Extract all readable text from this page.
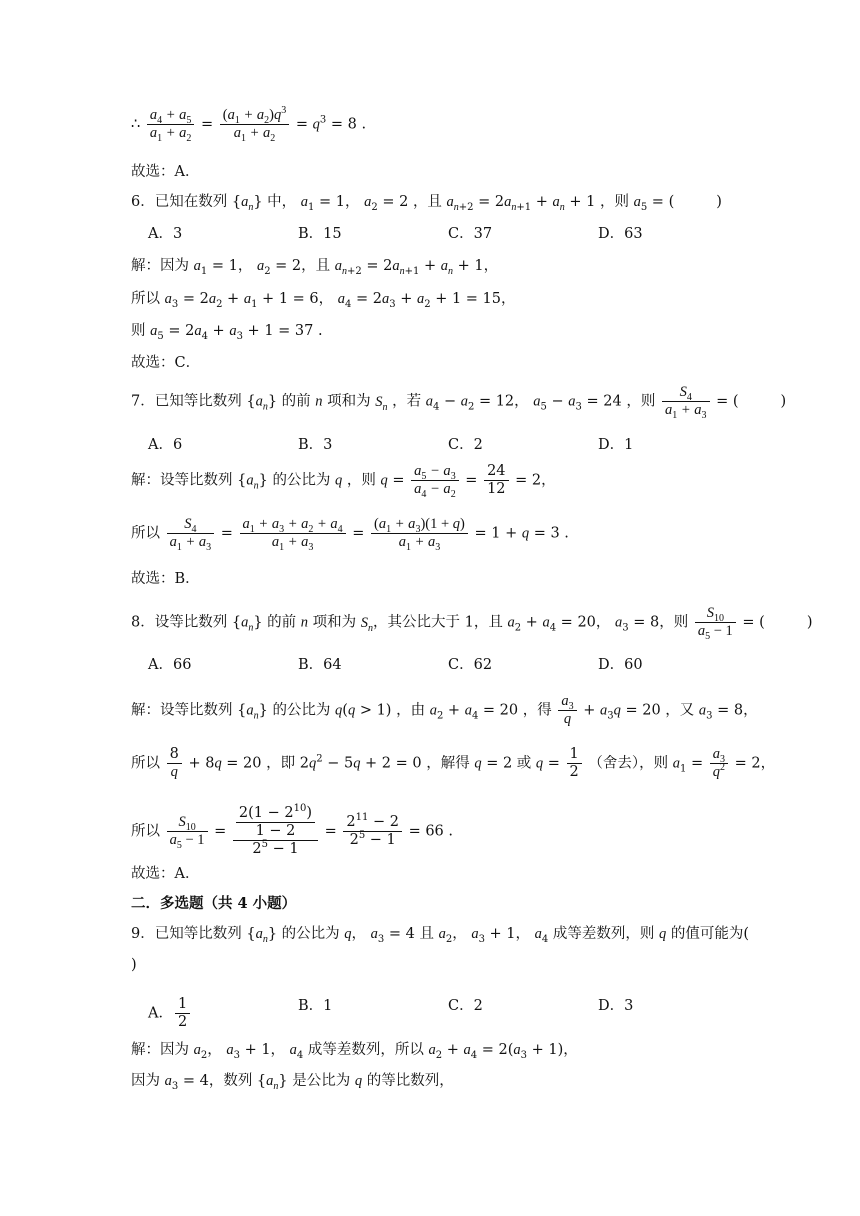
∴ $\frac{a_4 + a_5}{a_1 + a_2} = \frac{(a_1 + a_2)q^3}{a_1 + a_2} = q^3 = 8$ .
故选：A．
6．已知在数列 $\{a_n\}$ 中， $a_1 = 1$， $a_2 = 2$ ，且 $a_{n+2} = 2a_{n+1} + a_n + 1$ ，则 $a_5$ = (	)
A．3	B．15	C．37	D．63
解：因为 $a_1 = 1$， $a_2 = 2$，且 $a_{n+2} = 2a_{n+1} + a_n + 1$，
所以 $a_3 = 2a_2 + a_1 + 1 = 6$， $a_4 = 2a_3 + a_2 + 1 = 15$，
则 $a_5 = 2a_4 + a_3 + 1 = 37$ .
故选：C．
7．已知等比数列 $\{a_n\}$ 的前 n 项和为 $S_n$ ，若 $a_4 - a_2 = 12$， $a_5 - a_3 = 24$ ，则 $\frac{S_4}{a_1 + a_3}$ = (	)
A．6	B．3	C．2	D．1
解：设等比数列 $\{a_n\}$ 的公比为 q ，则 $q = \frac{a_5 - a_3}{a_4 - a_2} = \frac{24}{12} = 2$，
所以 $\frac{S_4}{a_1 + a_3} = \frac{a_1 + a_3 + a_2 + a_4}{a_1 + a_3} = \frac{(a_1 + a_3)(1 + q)}{a_1 + a_3} = 1 + q = 3$ .
故选：B．
8．设等比数列 $\{a_n\}$ 的前 n 项和为 $S_n$，其公比大于 1，且 $a_2 + a_4 = 20$， $a_3 = 8$，则 $\frac{S_{10}}{a_5 - 1}$ = (	)
A．66	B．64	C．62	D．60
解：设等比数列 $\{a_n\}$ 的公比为 q(q > 1) ，由 $a_2 + a_4 = 20$ ，得 $\frac{a_3}{q} + a_3q = 20$ ，又 $a_3 = 8$，
所以 $\frac{8}{q} + 8q = 20$ ，即 $2q^2 - 5q + 2 = 0$ ，解得 q = 2 或 $q = \frac{1}{2}$ （舍去），则 $a_1 = \frac{a_3}{q^2} = 2$，
所以 $\frac{S_{10}}{a_5 - 1} = \frac{\frac{2(1 - 2^{10})}{1 - 2}}{2^5 - 1} = \frac{2^{11} - 2}{2^5 - 1} = 66$ .
故选：A．
二．多选题（共 4 小题）
9．已知等比数列 $\{a_n\}$ 的公比为 q， $a_3 = 4$ 且 $a_2$， $a_3 + 1$， $a_4$ 成等差数列，则 q 的值可能为(
)
A． $\frac{1}{2}$	B．1	C．2	D．3
解：因为 $a_2$， $a_3 + 1$， $a_4$ 成等差数列，所以 $a_2 + a_4 = 2(a_3 + 1)$，
因为 $a_3 = 4$，数列 $\{a_n\}$ 是公比为 q 的等比数列，
